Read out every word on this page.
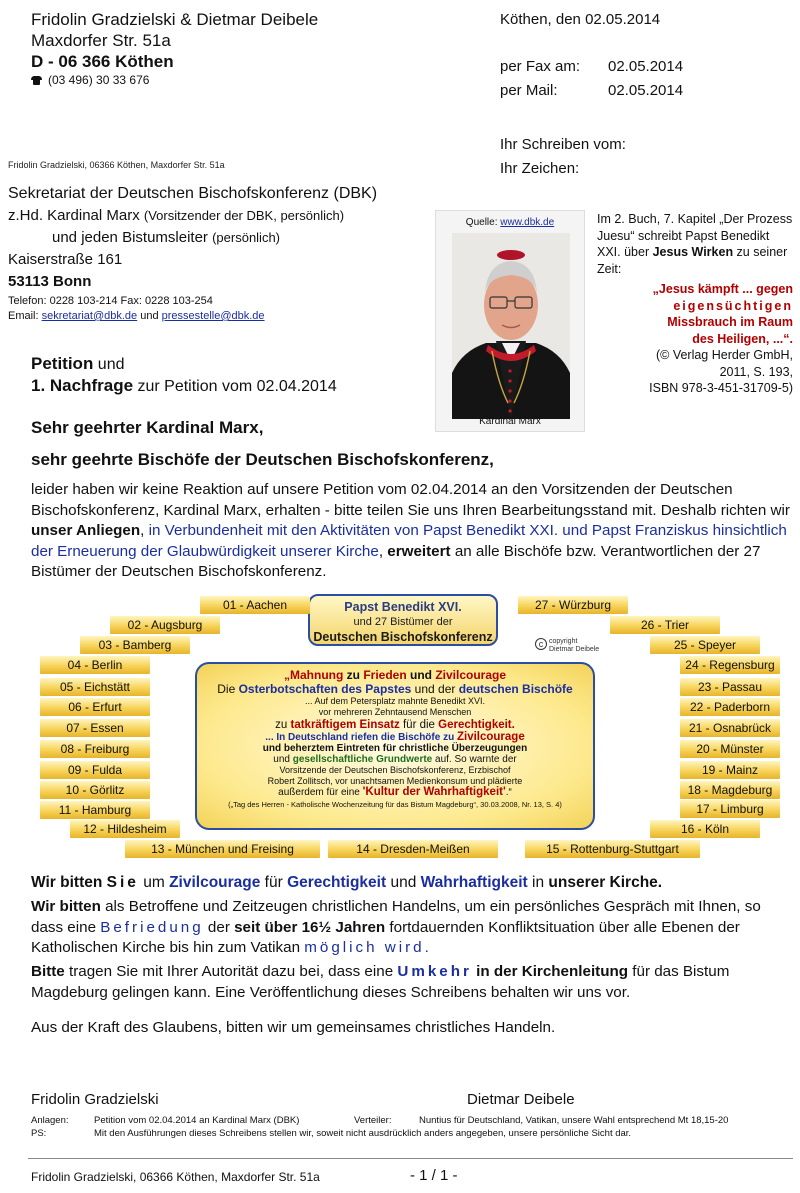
Fridolin Gradzielski & Dietmar Deibele
Maxdorfer Str. 51a
D - 06 366 Köthen
(03 496) 30 33 676
Köthen, den 02.05.2014
per Fax am:	02.05.2014
per Mail:	02.05.2014
Ihr Schreiben vom:
Ihr Zeichen:
Fridolin Gradzielski, 06366 Köthen, Maxdorfer Str. 51a
Sekretariat der Deutschen Bischofskonferenz (DBK)
z.Hd. Kardinal Marx (Vorsitzender der DBK, persönlich)
und jeden Bistumsleiter (persönlich)
Kaiserstraße 161
53113 Bonn
Telefon: 0228 103-214 Fax: 0228 103-254
Email: sekretariat@dbk.de und pressestelle@dbk.de
Quelle: www.dbk.de
Kardinal Marx
Im 2. Buch, 7. Kapitel „Der Prozess Juesu“ schreibt Papst Benedikt XXI. über Jesus Wirken zu seiner Zeit:
„Jesus kämpft ... gegen
eigensüchtigen
Missbrauch im Raum
des Heiligen, ...“.
(© Verlag Herder GmbH,
2011, S. 193,
ISBN 978-3-451-31709-5)
Petition und
1. Nachfrage zur Petition vom 02.04.2014
Sehr geehrter Kardinal Marx,
sehr geehrte Bischöfe der Deutschen Bischofskonferenz,
leider haben wir keine Reaktion auf unsere Petition vom 02.04.2014 an den Vorsitzenden der Deutschen Bischofskonferenz, Kardinal Marx, erhalten - bitte teilen Sie uns Ihren Bearbeitungsstand mit. Deshalb richten wir unser Anliegen, in Verbundenheit mit den Aktivitäten von Papst Benedikt XXI. und Papst Franziskus hinsichtlich der Erneuerung der Glaubwürdigkeit unserer Kirche, erweitert an alle Bischöfe bzw. Verantwortlichen der 27 Bistümer der Deutschen Bischofskonferenz.
Papst Benedikt XVI.
und 27 Bistümer der
Deutschen Bischofskonferenz	c copyright
Dietmar Deibele
01 - Aachen
02 - Augsburg
03 - Bamberg
04 - Berlin
05 - Eichstätt
06 - Erfurt
07 - Essen
08 - Freiburg
09 - Fulda
10 - Görlitz
11 - Hamburg
12 - Hildesheim
13 - München und Freising	14 - Dresden-Meißen	15 - Rottenburg-Stuttgart
16 - Köln
17 - Limburg
18 - Magdeburg
19 - Mainz
20 - Münster
21 - Osnabrück
22 - Paderborn
23 - Passau
24 - Regensburg
25 - Speyer
26 - Trier
27 - Würzburg
„Mahnung zu Frieden und Zivilcourage
Die Osterbotschaften des Papstes und der deutschen Bischöfe
... Auf dem Petersplatz mahnte Benedikt XVI.
vor mehreren Zehntausend Menschen
zu tatkräftigem Einsatz für die Gerechtigkeit.
... In Deutschland riefen die Bischöfe zu Zivilcourage
und beherztem Eintreten für christliche Überzeugungen
und gesellschaftliche Grundwerte auf. So warnte der
Vorsitzende der Deutschen Bischofskonferenz, Erzbischof
Robert Zollitsch, vor unachtsamen Medienkonsum und plädierte
außerdem für eine 'Kultur der Wahrhaftigkeit'.“
(„Tag des Herren - Katholische Wochenzeitung für das Bistum Magdeburg“, 30.03.2008, Nr. 13, S. 4)
Wir bitten Sie um Zivilcourage für Gerechtigkeit und Wahrhaftigkeit in unserer Kirche.
Wir bitten als Betroffene und Zeitzeugen christlichen Handelns, um ein persönliches Gespräch mit Ihnen, so dass eine Befriedung der seit über 16½ Jahren fortdauernden Konfliktsituation über alle Ebenen der Katholischen Kirche bis hin zum Vatikan möglich wird.
Bitte tragen Sie mit Ihrer Autorität dazu bei, dass eine Umkehr in der Kirchenleitung für das Bistum Magdeburg gelingen kann. Eine Veröffentlichung dieses Schreibens behalten wir uns vor.
Aus der Kraft des Glaubens, bitten wir um gemeinsames christliches Handeln.
Fridolin Gradzielski	Dietmar Deibele
Anlagen:	Petition vom 02.04.2014 an Kardinal Marx (DBK)	Verteiler:	Nuntius für Deutschland, Vatikan, unsere Wahl entsprechend Mt 18,15-20
PS:	Mit den Ausführungen dieses Schreibens stellen wir, soweit nicht ausdrücklich anders angegeben, unsere persönliche Sicht dar.
Fridolin Gradzielski, 06366 Köthen, Maxdorfer Str. 51a	- 1 / 1 -
